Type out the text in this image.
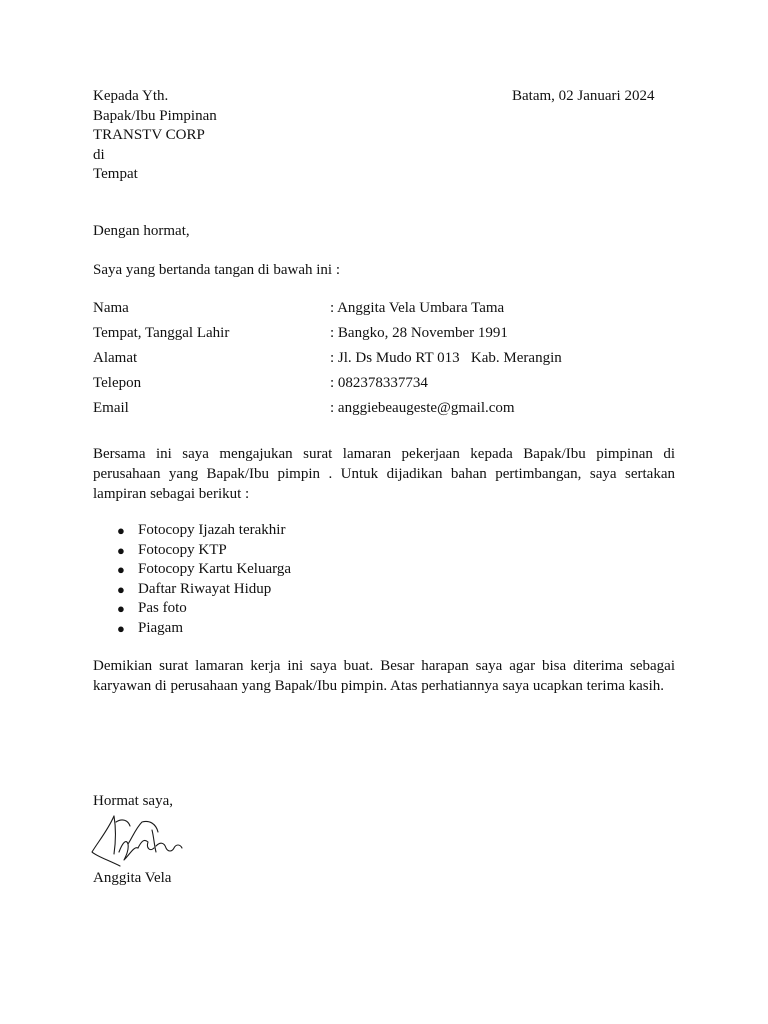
Kepada Yth.
Bapak/Ibu Pimpinan
TRANSTV CORP
di
Tempat
Batam, 02 Januari 2024
Dengan hormat,
Saya yang bertanda tangan di bawah ini :
Nama	: Anggita Vela Umbara Tama
Tempat, Tanggal Lahir	: Bangko, 28 November 1991
Alamat	: Jl. Ds Mudo RT 013   Kab. Merangin
Telepon	: 082378337734
Email	: anggiebeaugeste@gmail.com
Bersama ini saya mengajukan surat lamaran pekerjaan kepada Bapak/Ibu pimpinan di perusahaan yang Bapak/Ibu pimpin . Untuk dijadikan bahan pertimbangan, saya sertakan lampiran sebagai berikut :
● Fotocopy Ijazah terakhir
● Fotocopy KTP
● Fotocopy Kartu Keluarga
● Daftar Riwayat Hidup
● Pas foto
● Piagam
Demikian surat lamaran kerja ini saya buat. Besar harapan saya agar bisa diterima sebagai karyawan di perusahaan yang Bapak/Ibu pimpin. Atas perhatiannya saya ucapkan terima kasih.
Hormat saya,
Anggita Vela
